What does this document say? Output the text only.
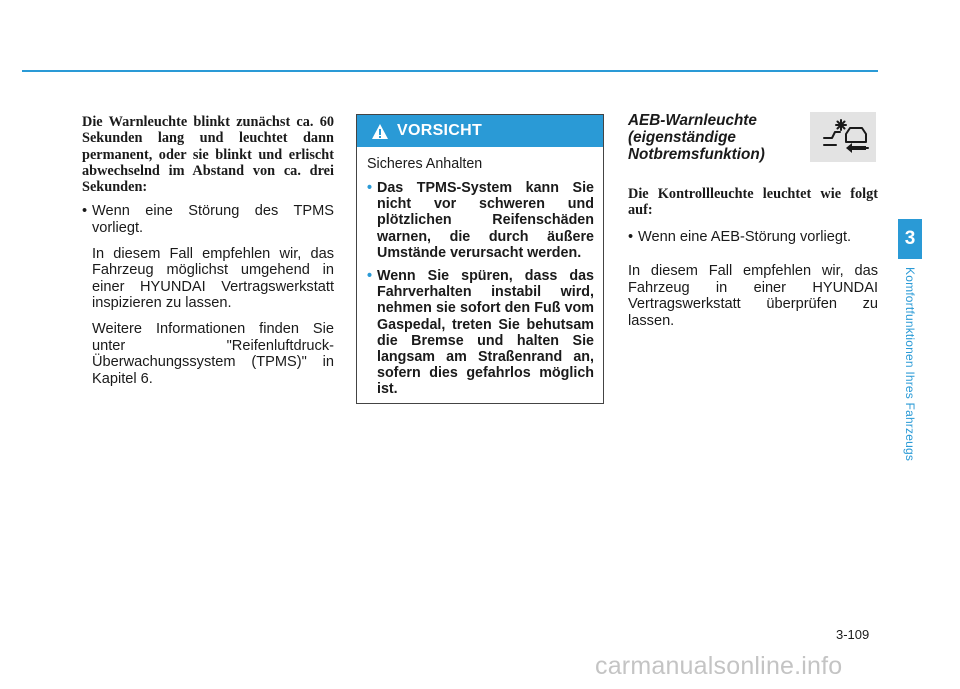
Die Warnleuchte blinkt zunächst ca. 60 Sekunden lang und leuchtet dann permanent, oder sie blinkt und erlischt abwechselnd im Abstand von ca. drei Sekunden:

• Wenn eine Störung des TPMS vorliegt.

In diesem Fall empfehlen wir, das Fahrzeug möglichst umgehend in einer HYUNDAI Vertragswerkstatt inspizieren zu lassen.

Weitere Informationen finden Sie unter "Reifenluftdruck-Überwachungssystem (TPMS)" in Kapitel 6.

VORSICHT

Sicheres Anhalten

• Das TPMS-System kann Sie nicht vor schweren und plötzlichen Reifenschäden warnen, die durch äußere Umstände verursacht werden.
• Wenn Sie spüren, dass das Fahrverhalten instabil wird, nehmen sie sofort den Fuß vom Gaspedal, treten Sie behutsam die Bremse und halten Sie langsam am Straßenrand an, sofern dies gefahrlos möglich ist.

AEB-Warnleuchte (eigenständige Notbremsfunktion)

Die Kontrollleuchte leuchtet wie folgt auf:

• Wenn eine AEB-Störung vorliegt.

In diesem Fall empfehlen wir, das Fahrzeug in einer HYUNDAI Vertragswerkstatt überprüfen zu lassen.

3
Komfortfunktionen Ihres Fahrzeugs
3-109
carmanualsonline.info
